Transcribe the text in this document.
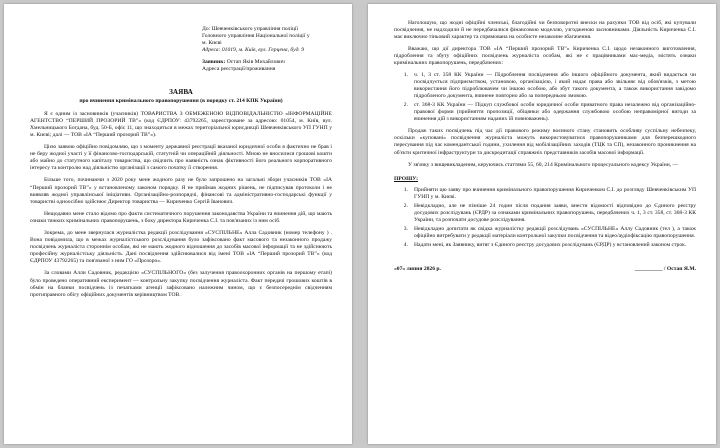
До: Шевченківського управління поліції

Головного управління Національної поліції у

м. Києві

Адреса: 01019, м. Київ, вул. Герцена, буд. 9

Заявник: Остап Яків Михайлович

Адреса реєстрації/проживання

ЗАЯВА

про вчинення кримінального правопорушення (в порядку ст. 214 КПК України)

Я є одним із засновників (учасників) ТОВАРИСТВА З ОБМЕЖЕНОЮ ВІДПОВІДАЛЬНІСТЮ «ІНФОРМАЦІЙНЕ АГЕНТСТВО “ПЕРШИЙ ПРОЗОРИЙ ТВ”» (код ЄДРПОУ: 43792265, зареєстроване за адресою: 01054, м. Київ, вул. Хмельницького Богдана, буд. 50-Б, офіс 11, що знаходиться в межах територіальної юрисдикції Шевченківського УП ГУНП у м. Києві; далі — ТОВ «ІА “Перший прозорий ТВ”»).

Цією заявою офіційно повідомляю, що з моменту державної реєстрації вказаної юридичної особи я фактично не брав і не беру жодної участі у її фінансово-господарській, статутній чи операційній діяльності. Мною не вносилися грошові кошти або майно до статутного капіталу товариства, що свідчить про наявність ознак фіктивності його реального корпоративного інтересу та контролю над діяльністю організації з самого початку її створення.

Більше того, починаючи з 2020 року мене жодного разу не було запрошено на загальні збори учасників ТОВ «ІА “Перший прозорий ТВ”» у встановленому законом порядку. Я не приймав жодних рішень, не підписував протоколи і не виявляв жодної управлінської ініціативи. Організаційно-розпорядчі, фінансові та адміністративно-господарські функції у товаристві одноосібно здійснює Директор товариства — Кириченко Сергій Іванович.

Нещодавно мене стало відомо про факти систематичного порушення законодавства України та вчинення дій, що мають ознаки тяжких кримінальних правопорушень, з боку директора Кириченка С.І. та пов'язаних із ним осіб.

Зокрема, до мене звернулася журналістка редакції розслідування «СУСПІЛЬНЕ» Алла Садовник (номер телефону ) . Вона повідомила, що в межах журналістського розслідування було зафіксовано факт масового та незаконного продажу посвідчень журналіста стороннім особам, які не мають жодного відношення до засобів масової інформації та не здійснюють професійну журналістську діяльність. Дані посвідчення здійснювалися від імені ТОВ «ІА “Перший прозорий ТВ”» (код ЄДРПОУ 43792265) та пов'язаної з ним ГО «Прозоро».

За словами Алли Садовник, редакцією «СУСПІЛЬНОГО» (без залучення правоохоронних органів на першому етапі) було проведено оперативний експеримент — контрольну закупку посвідчення журналіста. Факт передачі грошових коштів в обмін на бланки посвідчень із печатками агенції зафіксовано належним чином, що є безпосереднім свідченням протиправного обігу офіційних документів керівництвом ТОВ.

Наголошую, що жодні офіційні членські, благодійні чи безповоротні внески на рахунки ТОВ від осіб, які купували посвідчення, не надходили й не передбачалися фінансовою моделлю, узгодженою засновниками. Діяльність Кириченка С.І. має виключно тіньовий характер та спрямована на особисте незаконне збагачення.

Вважаю, що дії директора ТОВ «ІА “Перший прозорий ТВ”» Кириченка С.І. щодо незаконного виготовлення, підроблення та збуту офіційних посвідчень журналіста особам, які не є працівниками мас-медіа, містять ознаки кримінальних правопорушень, передбачених:

1.	ч. 1, 3 ст. 358 КК України — Підроблення посвідчення або іншого офіційного документа, який видається чи посвідчується підприємством, установою, організацією, і який надає права або звільняє від обов'язків, з метою використання його підроблювачем чи іншою особою, або збут такого документа, а також використання завідомо підробленого документа, вчинене повторно або за попередньою змовою.
2.	ст. 368-3 КК України — Підкуп службової особи юридичної особи приватного права незалежно від організаційно-правової форми (прийняття пропозиції, обіцянки або одержання службовою особою неправомірної вигоди за вчинення дій з використанням наданих їй повноважень).

Продаж таких посвідчень під час дії правового режиму воєнного стану становить особливу суспільну небезпеку, оскільки «куповані» посвідчення журналіста можуть використовуватися правопорушниками для безперешкодного пересування під час комендантської години, ухилення від мобілізаційних заходів (ТЦК та СП), незаконного проникнення на об'єкти критичної інфраструктури та дискредитації справжніх представників засобів масової інформації.

У зв'язку з вищевикладеним, керуючись статтями 55, 60, 214 Кримінального процесуального кодексу України, —

ПРОШУ:

1.	Прийняти цю заяву про вчинення кримінального правопорушення Кириченком С.І. до розгляду Шевченківським УП ГУНП у м. Києві.
2.	Невідкладно, але не пізніше 24 годин після подання заяви, внести відомості відповідно до Єдиного реєстру досудових розслідувань (ЄРДР) за ознаками кримінальних правопорушень, передбачених ч. 1, 3 ст. 358, ст. 368-3 КК України, та розпочати досудове розслідування.
3.	Невідкладно допитати як свідка журналістку редакції розслідувань «СУСПІЛЬНЕ» Аллу Садовник (тел ), а також офіційно витребувати у редакції матеріали контрольної закупки посвідчення та відео/аудіофіксацію правопорушення.
4.	Надати мені, як Заявнику, витяг з Єдиного реєстру досудових розслідувань (ЄРДР) у встановлений законом строк.
«07» липня 2026 р.	__________ / Остап Я.М.
